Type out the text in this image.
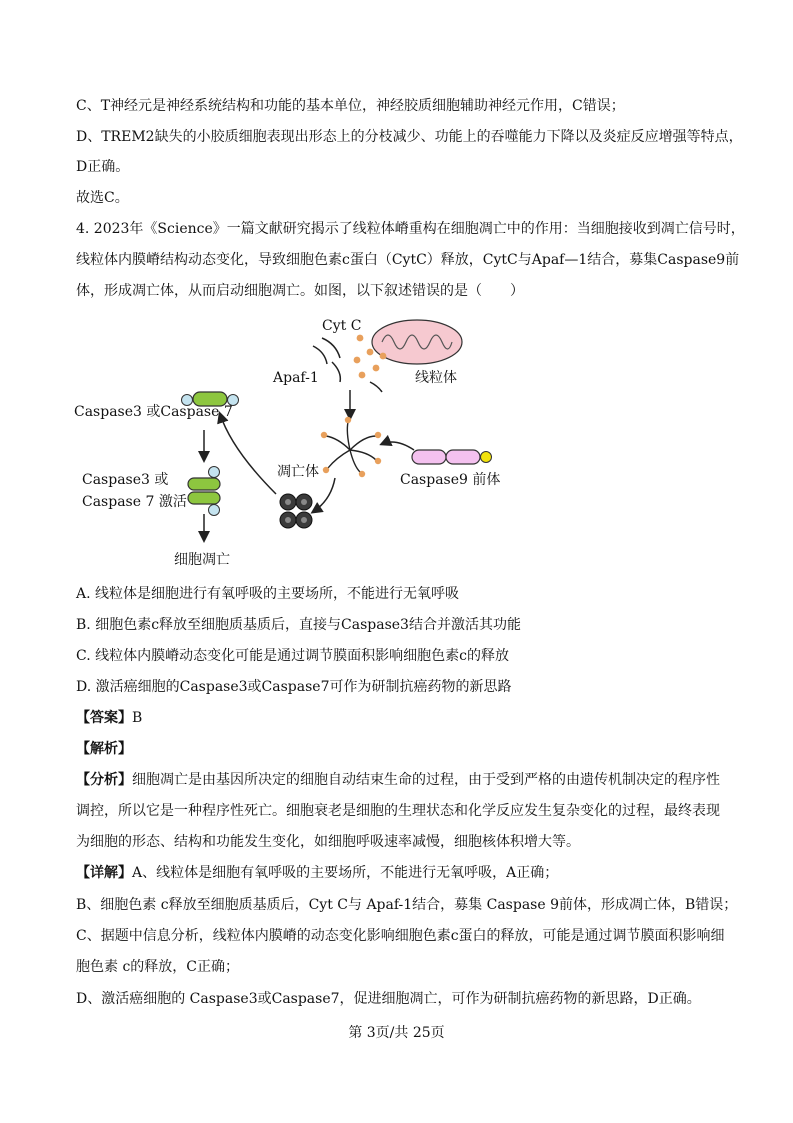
C、T神经元是神经系统结构和功能的基本单位，神经胶质细胞辅助神经元作用，C错误；
D、TREM2缺失的小胶质细胞表现出形态上的分枝减少、功能上的吞噬能力下降以及炎症反应增强等特点，
D正确。
故选C。
4. 2023年《Science》一篇文献研究揭示了线粒体嵴重构在细胞凋亡中的作用：当细胞接收到凋亡信号时，
线粒体内膜嵴结构动态变化，导致细胞色素c蛋白（CytC）释放，CytC与Apaf—1结合，募集Caspase9前
体，形成凋亡体，从而启动细胞凋亡。如图，以下叙述错误的是（　　）
Cyt C
Apaf-1	线粒体
凋亡体	Caspase9 前体
Caspase3 或Caspase 7
Caspase3 或
Caspase 7 激活
细胞凋亡
A. 线粒体是细胞进行有氧呼吸的主要场所，不能进行无氧呼吸
B. 细胞色素c释放至细胞质基质后，直接与Caspase3结合并激活其功能
C. 线粒体内膜嵴动态变化可能是通过调节膜面积影响细胞色素c的释放
D. 激活癌细胞的Caspase3或Caspase7可作为研制抗癌药物的新思路
【答案】B
【解析】
【分析】细胞凋亡是由基因所决定的细胞自动结束生命的过程，由于受到严格的由遗传机制决定的程序性
调控，所以它是一种程序性死亡。细胞衰老是细胞的生理状态和化学反应发生复杂变化的过程，最终表现
为细胞的形态、结构和功能发生变化，如细胞呼吸速率减慢，细胞核体积增大等。
【详解】A、线粒体是细胞有氧呼吸的主要场所，不能进行无氧呼吸，A正确；
B、细胞色素 c释放至细胞质基质后，Cyt C与 Apaf-1结合，募集 Caspase 9前体，形成凋亡体，B错误；
C、据题中信息分析，线粒体内膜嵴的动态变化影响细胞色素c蛋白的释放，可能是通过调节膜面积影响细
胞色素 c的释放，C正确；
D、激活癌细胞的 Caspase3或Caspase7，促进细胞凋亡，可作为研制抗癌药物的新思路，D正确。
第 3页/共 25页
